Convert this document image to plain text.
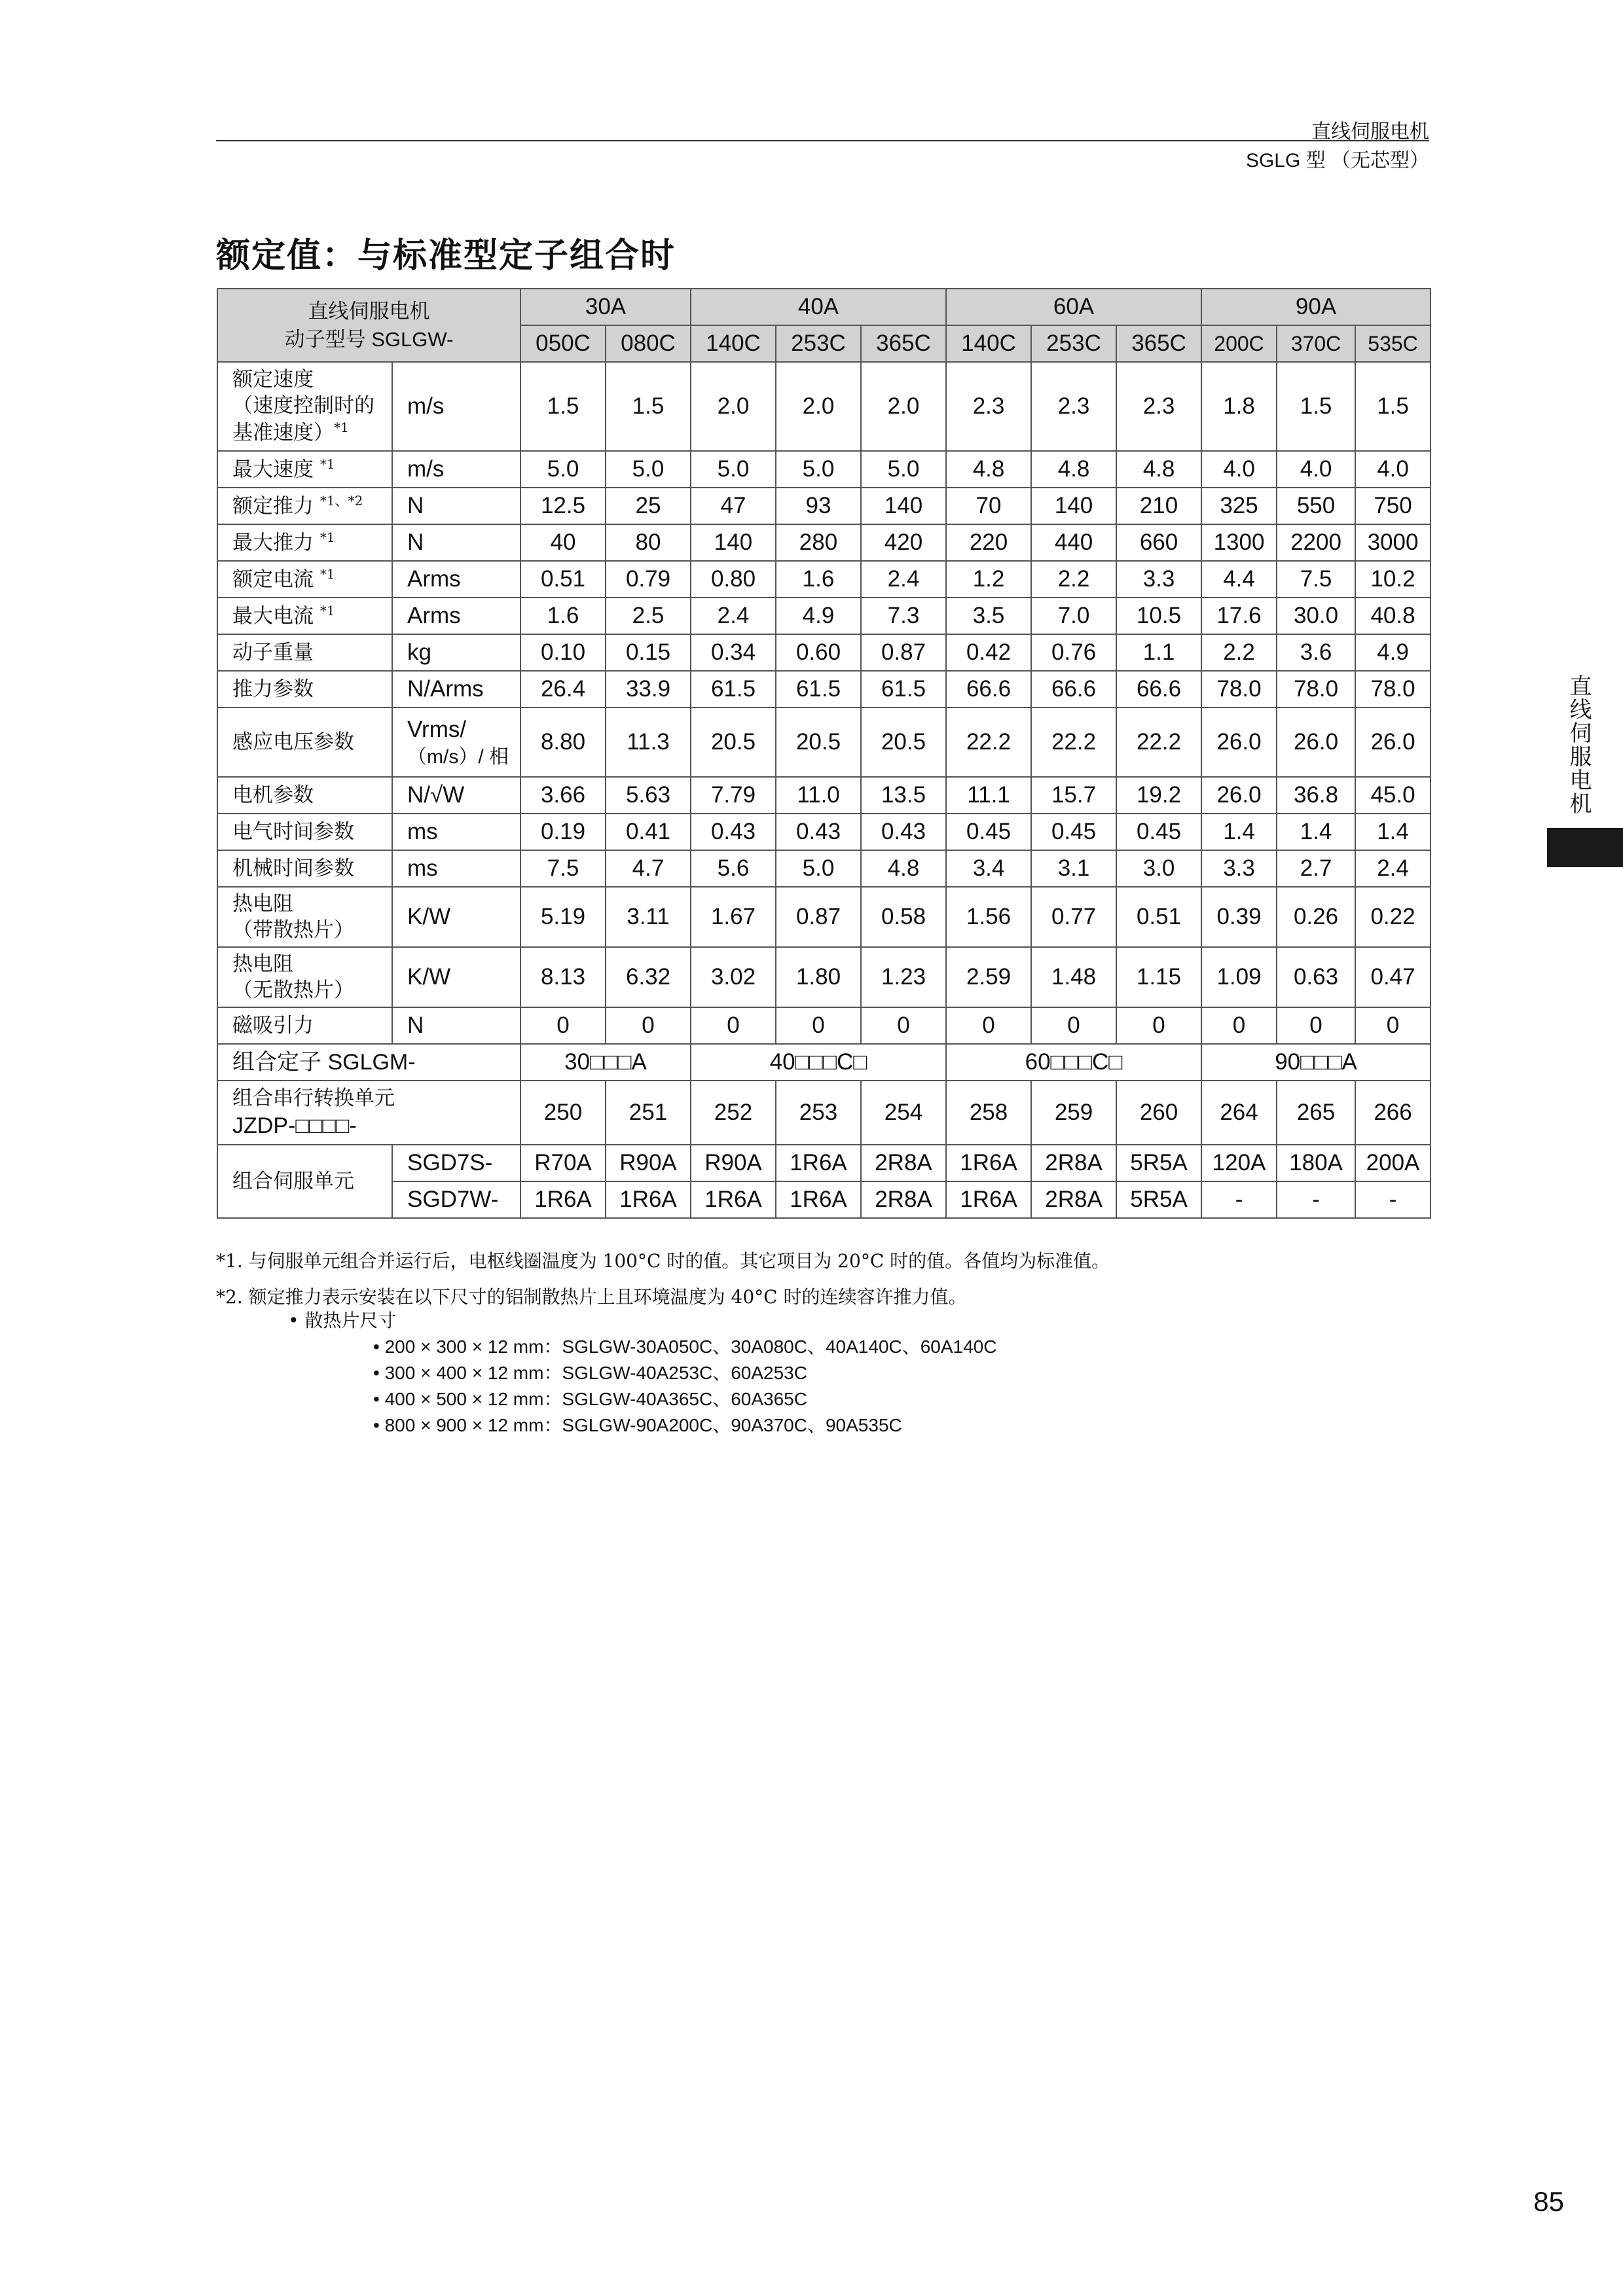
直线伺服电机
SGLG 型 （无芯型）
额定值：与标准型定子组合时
直线伺服电机
动子型号 SGLGW-		30A		40A			60A			90A		
		050C	080C	140C	253C	365C	140C	253C	365C	200C	370C	535C

额定速度
（速度控制时的
基准速度）$^{*1}$	m/s	1.5	1.5	2.0	2.0	2.0	2.3	2.3	2.3	1.8	1.5	1.5
最大速度 $^{*1}$	m/s	5.0	5.0	5.0	5.0	5.0	4.8	4.8	4.8	4.0	4.0	4.0
额定推力 $^{*1、*2}$	N	12.5	25	47	93	140	70	140	210	325	550	750
最大推力 $^{*1}$	N	40	80	140	280	420	220	440	660	1300	2200	3000
额定电流 $^{*1}$	Arms	0.51	0.79	0.80	1.6	2.4	1.2	2.2	3.3	4.4	7.5	10.2
最大电流 $^{*1}$	Arms	1.6	2.5	2.4	4.9	7.3	3.5	7.0	10.5	17.6	30.0	40.8
动子重量	kg	0.10	0.15	0.34	0.60	0.87	0.42	0.76	1.1	2.2	3.6	4.9
推力参数	N/Arms	26.4	33.9	61.5	61.5	61.5	66.6	66.6	66.6	78.0	78.0	78.0
感应电压参数	Vrms/
（m/s）/ 相	8.80	11.3	20.5	20.5	20.5	22.2	22.2	22.2	26.0	26.0	26.0
电机参数	N/√W	3.66	5.63	7.79	11.0	13.5	11.1	15.7	19.2	26.0	36.8	45.0
电气时间参数	ms	0.19	0.41	0.43	0.43	0.43	0.45	0.45	0.45	1.4	1.4	1.4
机械时间参数	ms	7.5	4.7	5.6	5.0	4.8	3.4	3.1	3.0	3.3	2.7	2.4

热电阻
（带散热片）	K/W	5.19	3.11	1.67	0.87	0.58	1.56	0.77	0.51	0.39	0.26	0.22

热电阻
（无散热片）	K/W	8.13	6.32	3.02	1.80	1.23	2.59	1.48	1.15	1.09	0.63	0.47
磁吸引力	N	0	0	0	0	0	0	0	0	0	0	0
组合定子 SGLGM-		30□□□A		40□□□C□			60□□□C□			90□□□A		

组合串行转换单元
JZDP-□□□□-		250	251	252	253	254	258	259	260	264	265	266
组合伺服单元	SGD7S-	R70A	R90A	R90A	1R6A	2R8A	1R6A	2R8A	5R5A	120A	180A	200A
	SGD7W-	1R6A	1R6A	1R6A	1R6A	2R8A	1R6A	2R8A	5R5A	-	-	-

*1. 与伺服单元组合并运行后，电枢线圈温度为 100°C 时的值。其它项目为 20°C 时的值。各值均为标准值。

*2. 额定推力表示安装在以下尺寸的铝制散热片上且环境温度为 40°C 时的连续容许推力值。

• 散热片尺寸
• 200 × 300 × 12 mm：SGLGW-30A050C、30A080C、40A140C、60A140C
• 300 × 400 × 12 mm：SGLGW-40A253C、60A253C
• 400 × 500 × 12 mm：SGLGW-40A365C、60A365C
• 800 × 900 × 12 mm：SGLGW-90A200C、90A370C、90A535C
直线伺服电机
85
